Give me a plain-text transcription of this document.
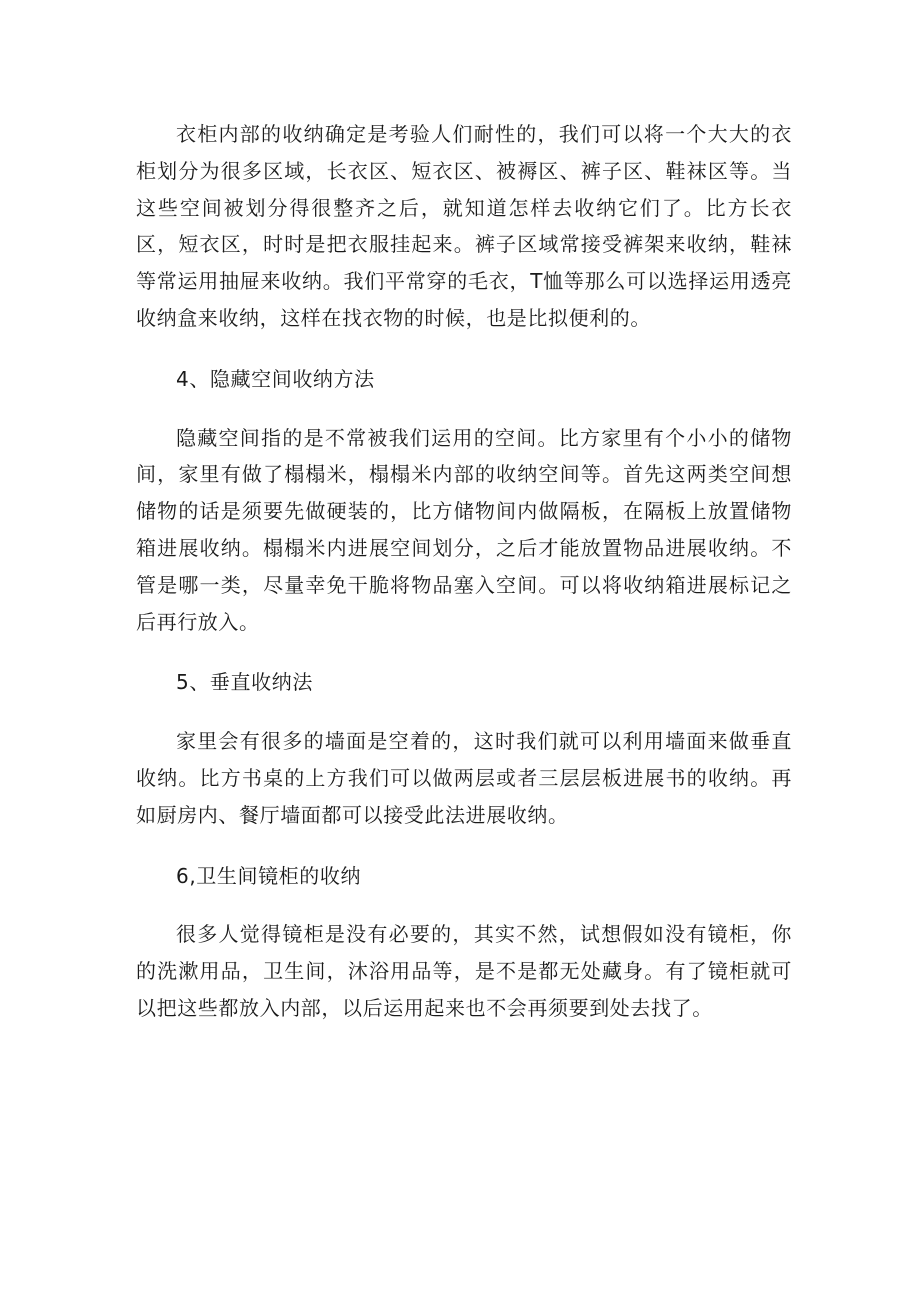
衣柜内部的收纳确定是考验人们耐性的，我们可以将一个大大的衣柜划分为很多区域，长衣区、短衣区、被褥区、裤子区、鞋袜区等。当这些空间被划分得很整齐之后，就知道怎样去收纳它们了。比方长衣区，短衣区，时时是把衣服挂起来。裤子区域常接受裤架来收纳，鞋袜等常运用抽屉来收纳。我们平常穿的毛衣，T恤等那么可以选择运用透亮收纳盒来收纳，这样在找衣物的时候，也是比拟便利的。

4、隐藏空间收纳方法

隐藏空间指的是不常被我们运用的空间。比方家里有个小小的储物间，家里有做了榻榻米，榻榻米内部的收纳空间等。首先这两类空间想储物的话是须要先做硬装的，比方储物间内做隔板，在隔板上放置储物箱进展收纳。榻榻米内进展空间划分，之后才能放置物品进展收纳。不管是哪一类，尽量幸免干脆将物品塞入空间。可以将收纳箱进展标记之后再行放入。

5、垂直收纳法

家里会有很多的墙面是空着的，这时我们就可以利用墙面来做垂直收纳。比方书桌的上方我们可以做两层或者三层层板进展书的收纳。再如厨房内、餐厅墙面都可以接受此法进展收纳。

6,卫生间镜柜的收纳

很多人觉得镜柜是没有必要的，其实不然，试想假如没有镜柜，你的洗漱用品，卫生间，沐浴用品等，是不是都无处藏身。有了镜柜就可以把这些都放入内部，以后运用起来也不会再须要到处去找了。
